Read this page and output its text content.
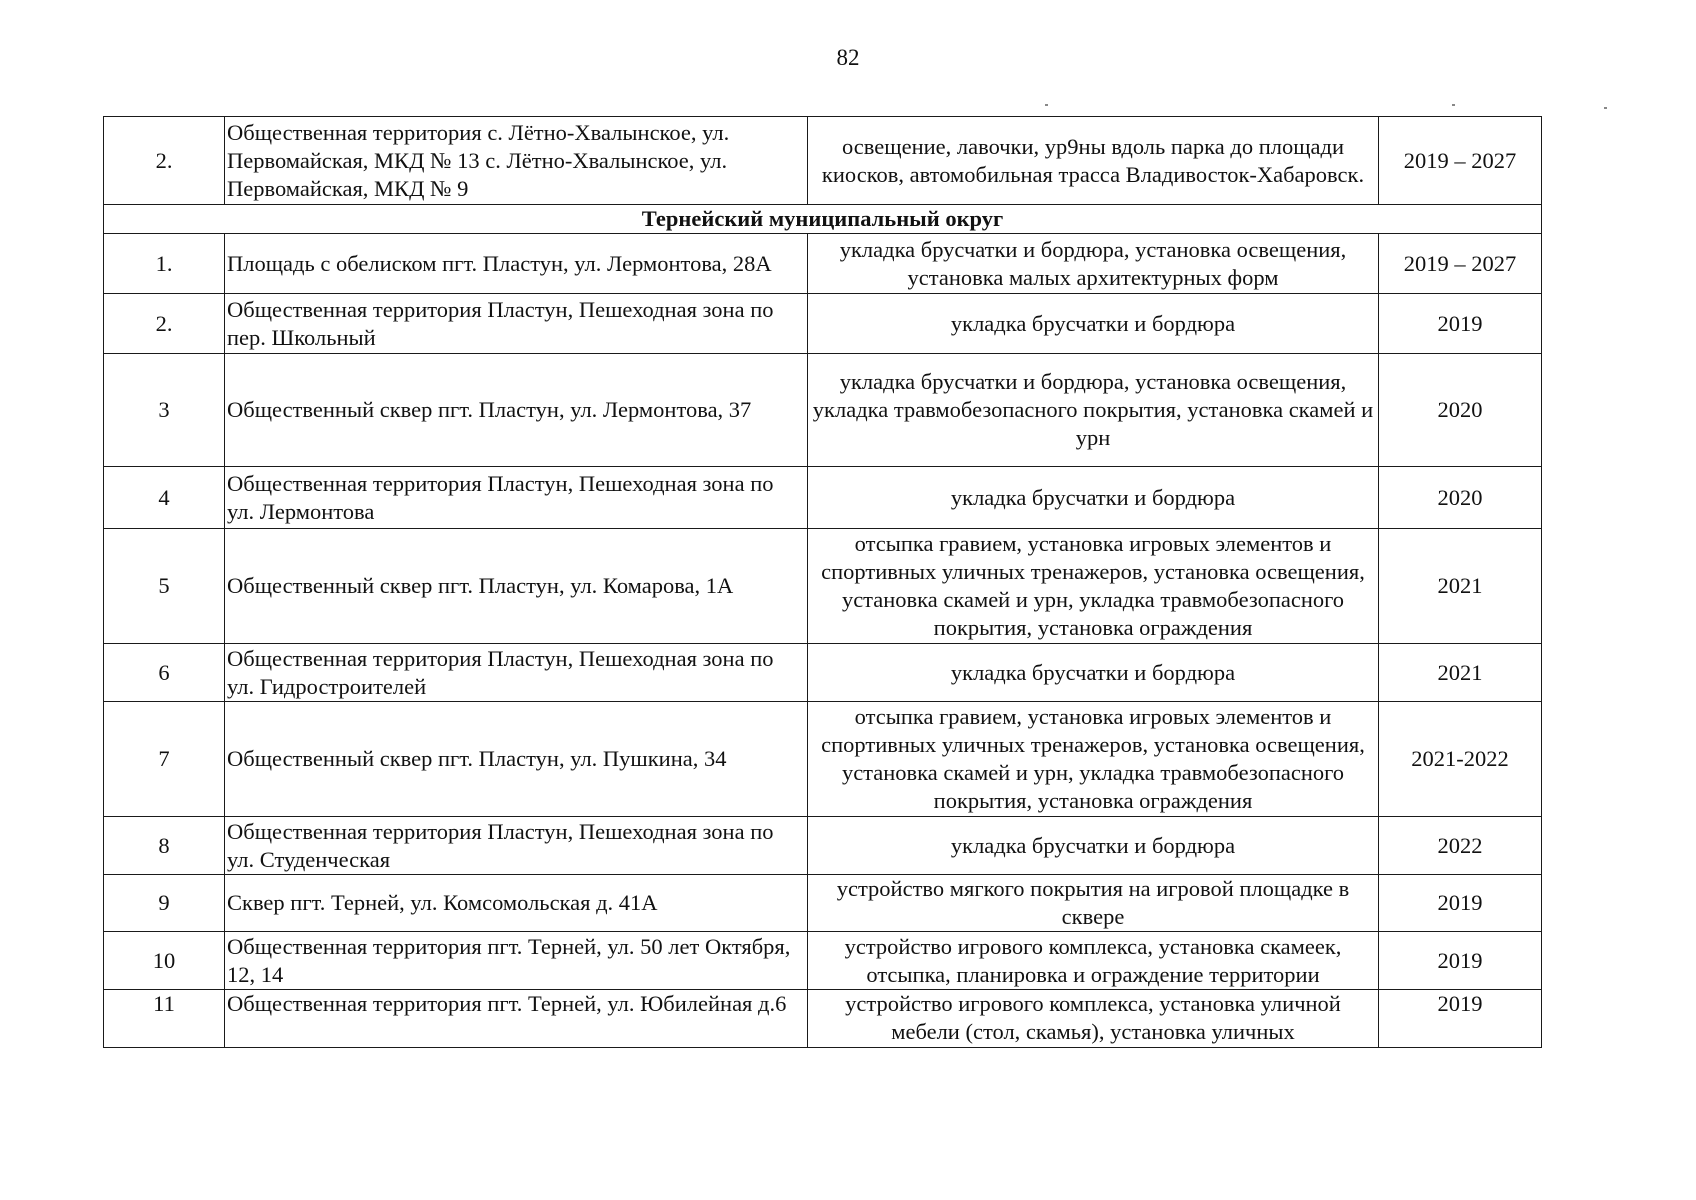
82
2.	Общественная территория с. Лётно-Хвалынское, ул. Первомайская, МКД № 13 с. Лётно-Хвалынское, ул. Первомайская, МКД № 9	освещение, лавочки, ур9ны вдоль парка до площади киосков, автомобильная трасса Владивосток-Хабаровск.	2019 – 2027
Тернейский муниципальный округ			
1.	Площадь с обелиском пгт. Пластун, ул. Лермонтова, 28А	укладка брусчатки и бордюра, установка освещения, установка малых архитектурных форм	2019 – 2027
2.	Общественная территория Пластун, Пешеходная зона по пер. Школьный	укладка брусчатки и бордюра	2019
3	Общественный сквер пгт. Пластун, ул. Лермонтова, 37	укладка брусчатки и бордюра, установка освещения, укладка травмобезопасного покрытия, установка скамей и урн	2020
4	Общественная территория Пластун, Пешеходная зона по ул. Лермонтова	укладка брусчатки и бордюра	2020
5	Общественный сквер пгт. Пластун, ул. Комарова, 1А	отсыпка гравием, установка игровых элементов и спортивных уличных тренажеров, установка освещения, установка скамей и урн, укладка травмобезопасного покрытия, установка ограждения	2021
6	Общественная территория Пластун, Пешеходная зона по ул. Гидростроителей	укладка брусчатки и бордюра	2021
7	Общественный сквер пгт. Пластун, ул. Пушкина, 34	отсыпка гравием, установка игровых элементов и спортивных уличных тренажеров, установка освещения, установка скамей и урн, укладка травмобезопасного покрытия, установка ограждения	2021-2022
8	Общественная территория Пластун, Пешеходная зона по ул. Студенческая	укладка брусчатки и бордюра	2022
9	Сквер пгт. Терней, ул. Комсомольская д. 41А	устройство мягкого покрытия на игровой площадке в сквере	2019
10	Общественная территория пгт. Терней, ул. 50 лет Октября, 12, 14	устройство игрового комплекса, установка скамеек, отсыпка, планировка и ограждение территории	2019
11	Общественная территория пгт. Терней, ул. Юбилейная д.6	устройство игрового комплекса, установка уличной мебели (стол, скамья), установка уличных	2019
